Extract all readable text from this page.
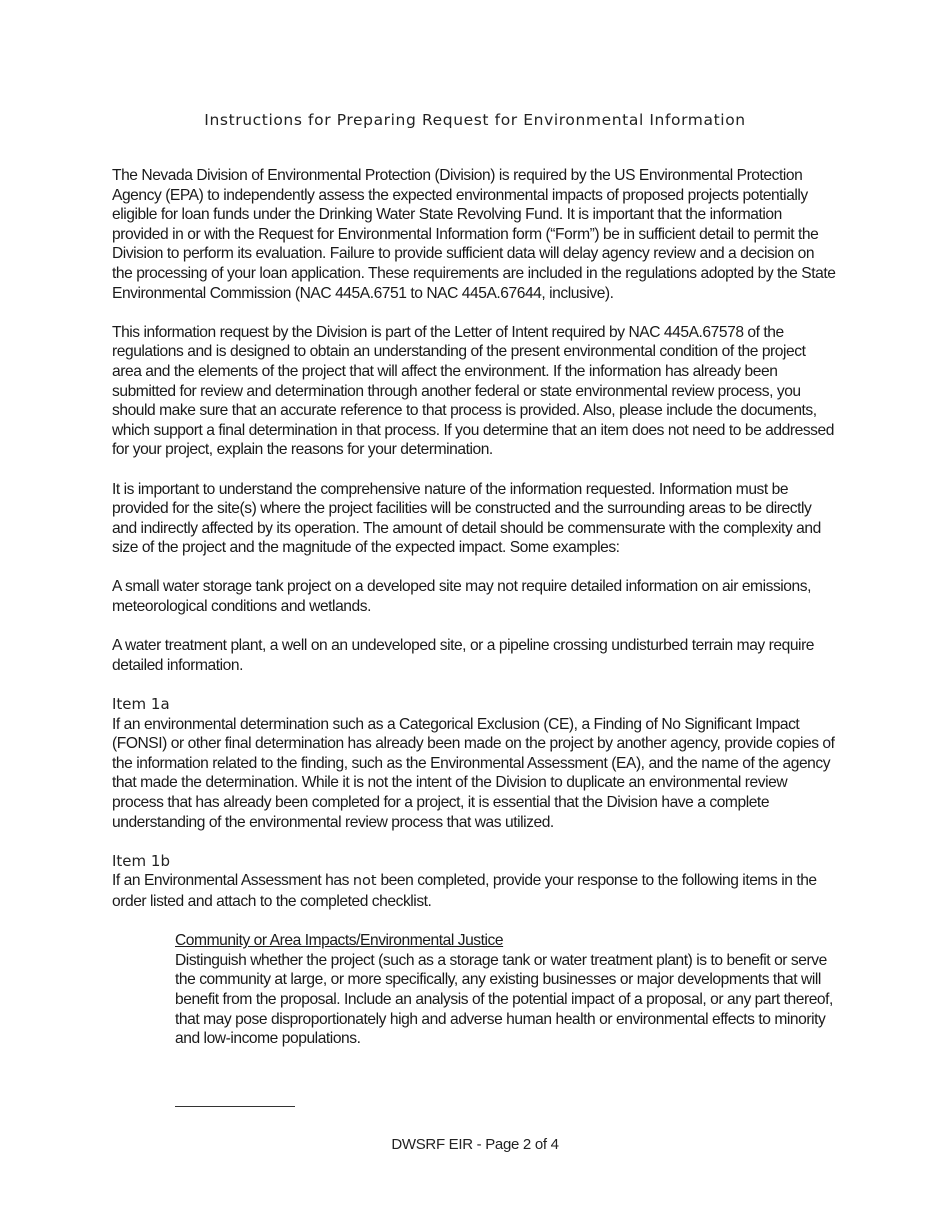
Instructions for Preparing Request for Environmental Information

The Nevada Division of Environmental Protection (Division) is required by the US Environmental Protection Agency (EPA) to independently assess the expected environmental impacts of proposed projects potentially eligible for loan funds under the Drinking Water State Revolving Fund. It is important that the information provided in or with the Request for Environmental Information form (“Form”) be in sufficient detail to permit the Division to perform its evaluation. Failure to provide sufficient data will delay agency review and a decision on the processing of your loan application. These requirements are included in the regulations adopted by the State Environmental Commission (NAC 445A.6751 to NAC 445A.67644, inclusive).

This information request by the Division is part of the Letter of Intent required by NAC 445A.67578 of the regulations and is designed to obtain an understanding of the present environmental condition of the project area and the elements of the project that will affect the environment. If the information has already been submitted for review and determination through another federal or state environmental review process, you should make sure that an accurate reference to that process is provided. Also, please include the documents, which support a final determination in that process. If you determine that an item does not need to be addressed for your project, explain the reasons for your determination.

It is important to understand the comprehensive nature of the information requested. Information must be provided for the site(s) where the project facilities will be constructed and the surrounding areas to be directly and indirectly affected by its operation. The amount of detail should be commensurate with the complexity and size of the project and the magnitude of the expected impact. Some examples:

A small water storage tank project on a developed site may not require detailed information on air emissions, meteorological conditions and wetlands.

A water treatment plant, a well on an undeveloped site, or a pipeline crossing undisturbed terrain may require detailed information.

Item 1a

If an environmental determination such as a Categorical Exclusion (CE), a Finding of No Significant Impact (FONSI) or other final determination has already been made on the project by another agency, provide copies of the information related to the finding, such as the Environmental Assessment (EA), and the name of the agency that made the determination. While it is not the intent of the Division to duplicate an environmental review process that has already been completed for a project, it is essential that the Division have a complete understanding of the environmental review process that was utilized.

Item 1b

If an Environmental Assessment has not been completed, provide your response to the following items in the order listed and attach to the completed checklist.

Community or Area Impacts/Environmental Justice

Distinguish whether the project (such as a storage tank or water treatment plant) is to benefit or serve the community at large, or more specifically, any existing businesses or major developments that will benefit from the proposal. Include an analysis of the potential impact of a proposal, or any part thereof, that may pose disproportionately high and adverse human health or environmental effects to minority and low-income populations.

DWSRF EIR - Page 2 of 4
